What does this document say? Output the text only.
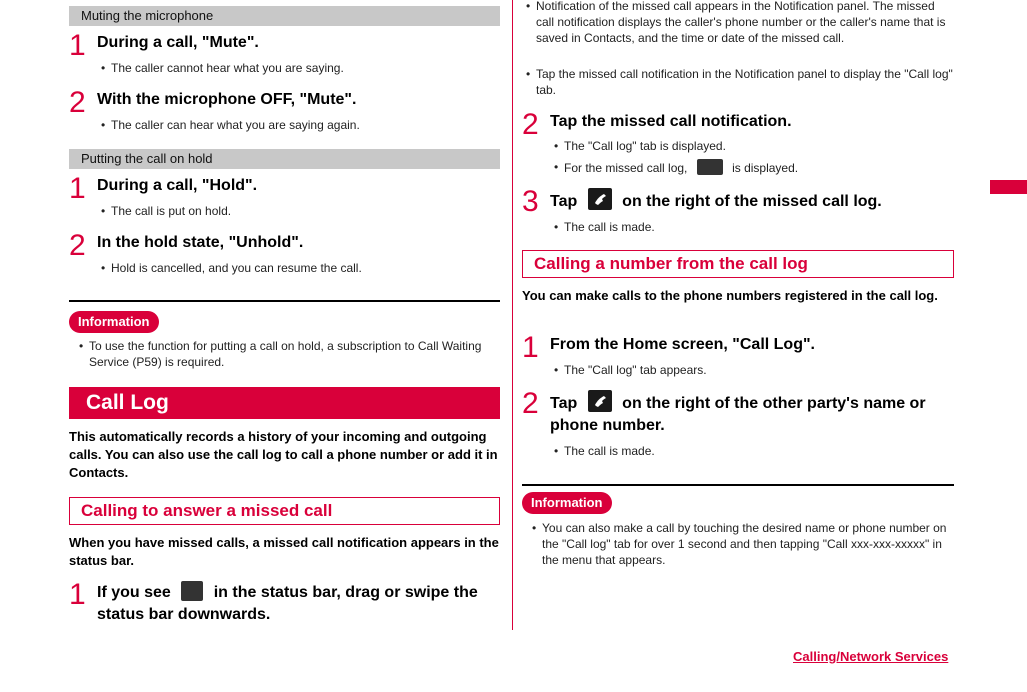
Muting the microphone
1 During a call, "Mute".
• The caller cannot hear what you are saying.
2 With the microphone OFF, "Mute".
• The caller can hear what you are saying again.
Putting the call on hold
1 During a call, "Hold".
• The call is put on hold.
2 In the hold state, "Unhold".
• Hold is cancelled, and you can resume the call.
Information
• To use the function for putting a call on hold, a subscription to Call Waiting Service (P59) is required.
Call Log
This automatically records a history of your incoming and outgoing calls. You can also use the call log to call a phone number or add it in Contacts.
Calling to answer a missed call
When you have missed calls, a missed call notification appears in the status bar.
1 If you see	in the status bar, drag or swipe the status bar downwards.
• Notification of the missed call appears in the Notification panel. The missed call notification displays the caller's phone number or the caller's name that is saved in Contacts, and the time or date of the missed call.
• Tap the missed call notification in the Notification panel to display the "Call log" tab.
2 Tap the missed call notification.
• The "Call log" tab is displayed.
• For the missed call log,	is displayed.
3 Tap	on the right of the missed call log.
• The call is made.
Calling a number from the call log
You can make calls to the phone numbers registered in the call log.
1 From the Home screen, "Call Log".
• The "Call log" tab appears.
2 Tap	on the right of the other party's name or phone number.
• The call is made.
Information
• You can also make a call by touching the desired name or phone number on the "Call log" tab for over 1 second and then tapping "Call xxx-xxx-xxxxx" in the menu that appears.
Calling/Network Services
